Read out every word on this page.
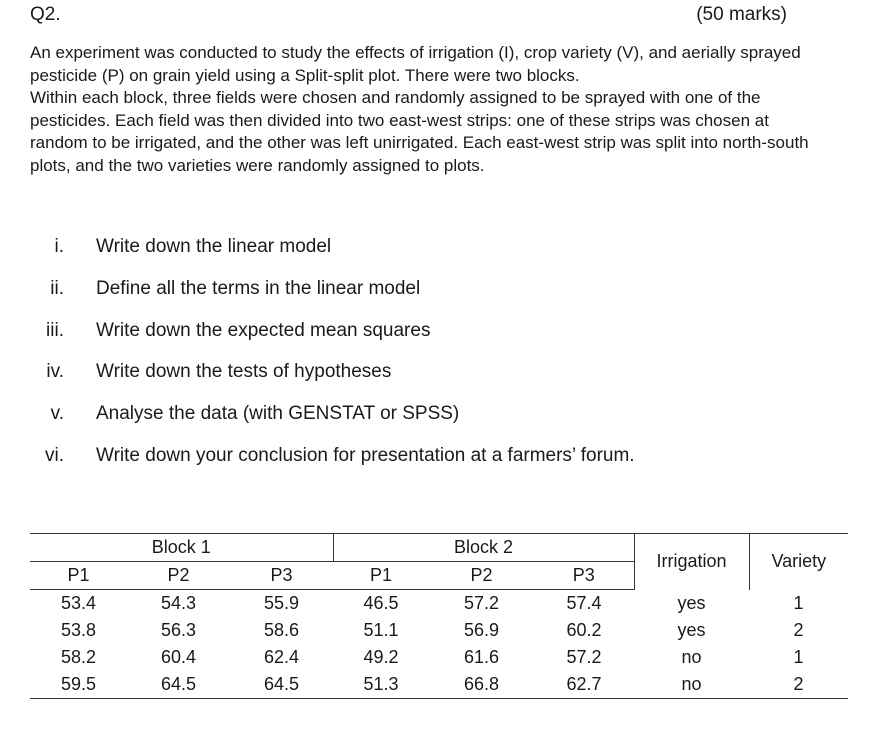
Q2.	(50 marks)

An experiment was conducted to study the effects of irrigation (I), crop variety (V), and aerially sprayed pesticide (P) on grain yield using a Split-split plot. There were two blocks.

Within each block, three fields were chosen and randomly assigned to be sprayed with one of the pesticides. Each field was then divided into two east-west strips: one of these strips was chosen at random to be irrigated, and the other was left unirrigated. Each east-west strip was split into north-south plots, and the two varieties were randomly assigned to plots.

i. Write down the linear model
ii. Define all the terms in the linear model
iii. Write down the expected mean squares
iv. Write down the tests of hypotheses
v. Analyse the data (with GENSTAT or SPSS)
vi. Write down your conclusion for presentation at a farmers’ forum.
Block 1			Block 2			Irrigation	Variety
P1	P2	P3	P1	P2	P3		
53.4	54.3	55.9	46.5	57.2	57.4	yes	1
53.8	56.3	58.6	51.1	56.9	60.2	yes	2
58.2	60.4	62.4	49.2	61.6	57.2	no	1
59.5	64.5	64.5	51.3	66.8	62.7	no	2
